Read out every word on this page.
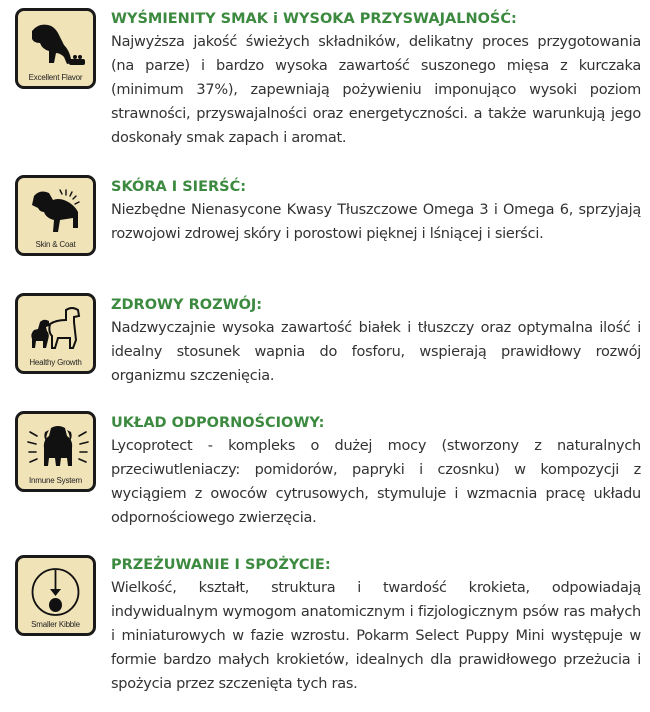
Excellent Flavor
WYŚMIENITY SMAK i WYSOKA PRZYSWAJALNOŚĆ:

Najwyższa jakość świeżych składników, delikatny proces przygotowania (na parze) i bardzo wysoka zawartość suszonego mięsa z kurczaka (minimum 37%), zapewniają pożywieniu imponująco wysoki poziom strawności, przyswajalności oraz energetyczności. a także warunkują jego doskonały smak zapach i aromat.

Skin & Coat
SKÓRA I SIERŚĆ:

Niezbędne Nienasycone Kwasy Tłuszczowe Omega 3 i Omega 6, sprzyjają rozwojowi zdrowej skóry i porostowi pięknej i lśniącej i sierści.

Healthy Growth
ZDROWY ROZWÓJ:

Nadzwyczajnie wysoka zawartość białek i tłuszczy oraz optymalna ilość i idealny stosunek wapnia do fosforu, wspierają prawidłowy rozwój organizmu szczenięcia.

Inmune System
UKŁAD ODPORNOŚCIOWY:

Lycoprotect - kompleks o dużej mocy (stworzony z naturalnych przeciwutleniaczy: pomidorów, papryki i czosnku) w kompozycji z wyciągiem z owoców cytrusowych, stymuluje i wzmacnia pracę układu odpornościowego zwierzęcia.

Smaller Kibble
PRZEŻUWANIE I SPOŻYCIE:

Wielkość, kształt, struktura i twardość krokieta, odpowiadają indywidualnym wymogom anatomicznym i fizjologicznym psów ras małych i miniaturowych w fazie wzrostu. Pokarm Select Puppy Mini występuje w formie bardzo małych krokietów, idealnych dla prawidłowego przeżucia i spożycia przez szczenięta tych ras.
